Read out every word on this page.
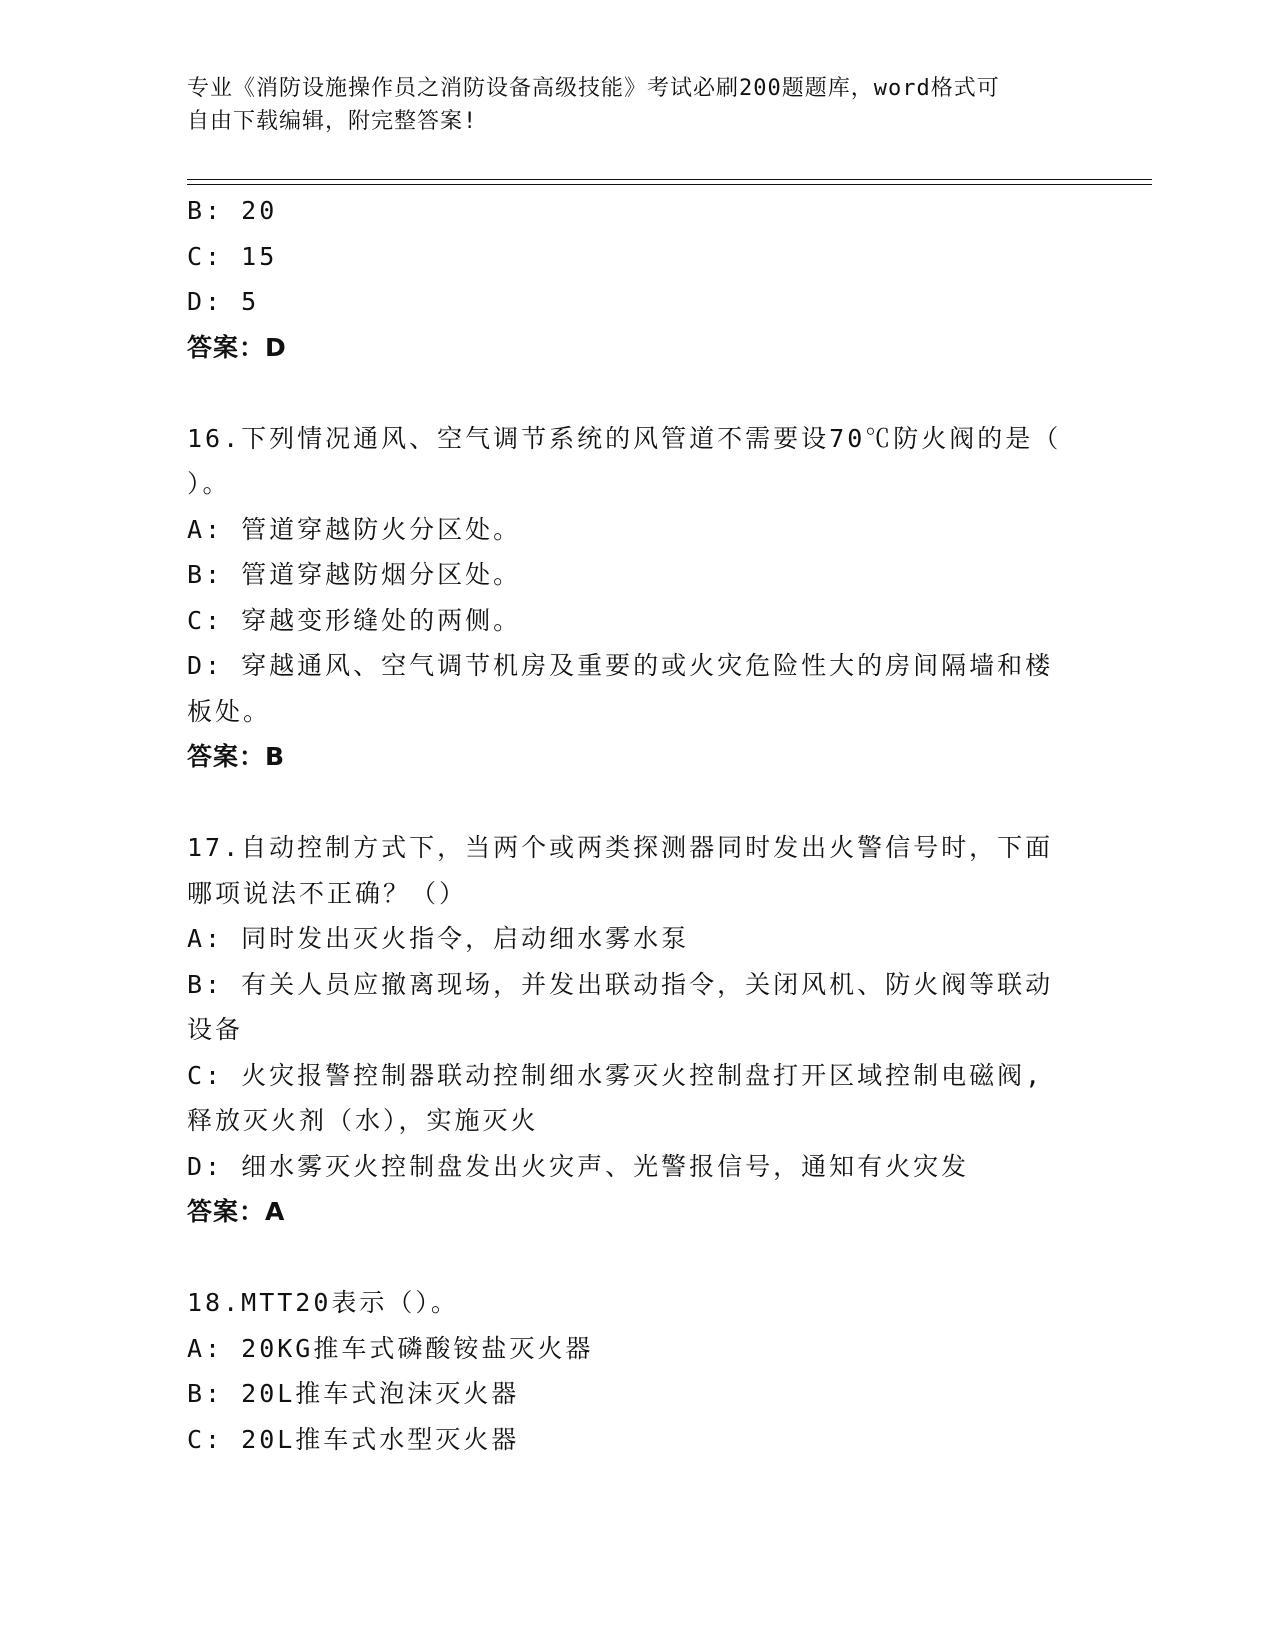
专业《消防设施操作员之消防设备高级技能》考试必刷200题题库，word格式可
自由下载编辑，附完整答案!
B: 20
C: 15
D: 5
答案：D
16.下列情况通风、空气调节系统的风管道不需要设70℃防火阀的是（
）。
A: 管道穿越防火分区处。
B: 管道穿越防烟分区处。
C: 穿越变形缝处的两侧。
D: 穿越通风、空气调节机房及重要的或火灾危险性大的房间隔墙和楼
板处。
答案：B
17.自动控制方式下，当两个或两类探测器同时发出火警信号时，下面
哪项说法不正确？（）
A: 同时发出灭火指令，启动细水雾水泵
B: 有关人员应撤离现场，并发出联动指令，关闭风机、防火阀等联动
设备
C: 火灾报警控制器联动控制细水雾灭火控制盘打开区域控制电磁阀,
释放灭火剂（水），实施灭火
D: 细水雾灭火控制盘发出火灾声、光警报信号，通知有火灾发
答案：A
18.MTT20表示（）。
A: 20KG推车式磷酸铵盐灭火器
B: 20L推车式泡沫灭火器
C: 20L推车式水型灭火器
